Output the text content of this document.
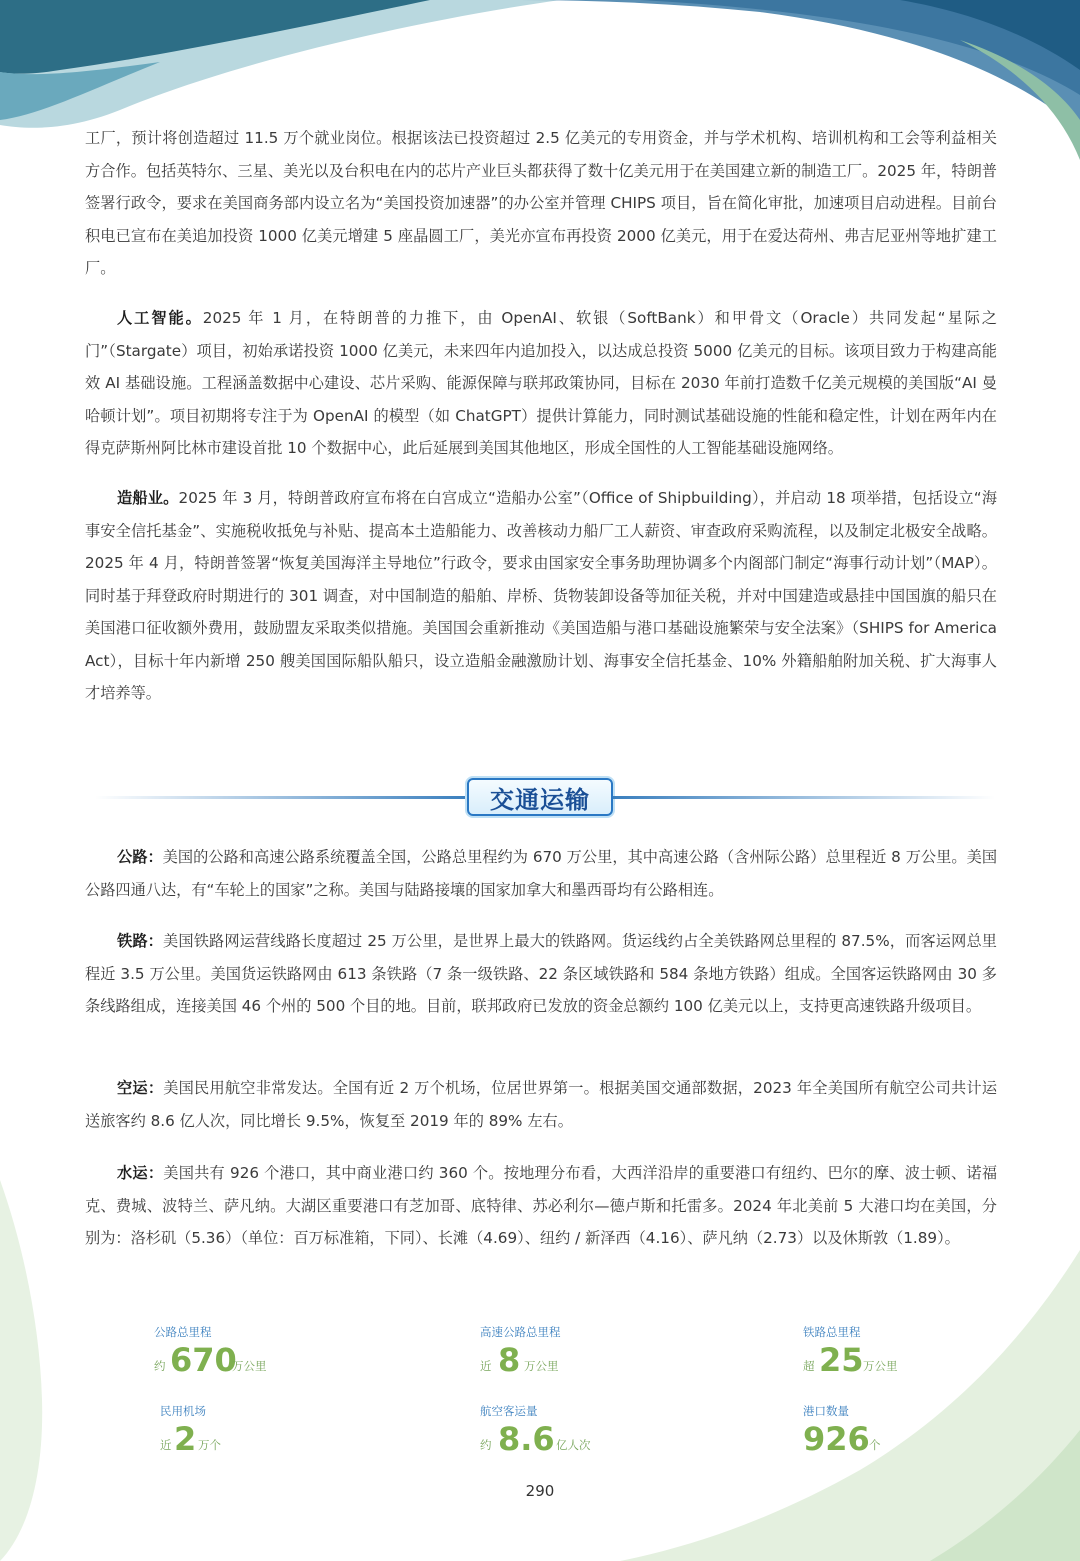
工厂，预计将创造超过 11.5 万个就业岗位。根据该法已投资超过 2.5 亿美元的专用资金，并与学术机构、培训机构和工会等利益相关方合作。包括英特尔、三星、美光以及台积电在内的芯片产业巨头都获得了数十亿美元用于在美国建立新的制造工厂。2025 年，特朗普签署行政令，要求在美国商务部内设立名为“美国投资加速器”的办公室并管理 CHIPS 项目，旨在简化审批，加速项目启动进程。目前台积电已宣布在美追加投资 1000 亿美元增建 5 座晶圆工厂，美光亦宣布再投资 2000 亿美元，用于在爱达荷州、弗吉尼亚州等地扩建工厂。

人工智能。2025 年 1 月，在特朗普的力推下，由 OpenAI、软银（SoftBank）和甲骨文（Oracle）共同发起“星际之门”（Stargate）项目，初始承诺投资 1000 亿美元，未来四年内追加投入，以达成总投资 5000 亿美元的目标。该项目致力于构建高能效 AI 基础设施。工程涵盖数据中心建设、芯片采购、能源保障与联邦政策协同，目标在 2030 年前打造数千亿美元规模的美国版“AI 曼哈顿计划”。项目初期将专注于为 OpenAI 的模型（如 ChatGPT）提供计算能力，同时测试基础设施的性能和稳定性，计划在两年内在得克萨斯州阿比林市建设首批 10 个数据中心，此后延展到美国其他地区，形成全国性的人工智能基础设施网络。

造船业。2025 年 3 月，特朗普政府宣布将在白宫成立“造船办公室”（Office of Shipbuilding），并启动 18 项举措，包括设立“海事安全信托基金”、实施税收抵免与补贴、提高本土造船能力、改善核动力船厂工人薪资、审查政府采购流程，以及制定北极安全战略。2025 年 4 月，特朗普签署“恢复美国海洋主导地位”行政令，要求由国家安全事务助理协调多个内阁部门制定“海事行动计划”（MAP）。同时基于拜登政府时期进行的 301 调查，对中国制造的船舶、岸桥、货物装卸设备等加征关税，并对中国建造或悬挂中国国旗的船只在美国港口征收额外费用，鼓励盟友采取类似措施。美国国会重新推动《美国造船与港口基础设施繁荣与安全法案》（SHIPS for America Act），目标十年内新增 250 艘美国国际船队船只，设立造船金融激励计划、海事安全信托基金、10% 外籍船舶附加关税、扩大海事人才培养等。

交通运输

公路：美国的公路和高速公路系统覆盖全国，公路总里程约为 670 万公里，其中高速公路（含州际公路）总里程近 8 万公里。美国公路四通八达，有“车轮上的国家”之称。美国与陆路接壤的国家加拿大和墨西哥均有公路相连。

铁路：美国铁路网运营线路长度超过 25 万公里，是世界上最大的铁路网。货运线约占全美铁路网总里程的 87.5%，而客运网总里程近 3.5 万公里。美国货运铁路网由 613 条铁路（7 条一级铁路、22 条区域铁路和 584 条地方铁路）组成。全国客运铁路网由 30 多条线路组成，连接美国 46 个州的 500 个目的地。目前，联邦政府已发放的资金总额约 100 亿美元以上，支持更高速铁路升级项目。

空运：美国民用航空非常发达。全国有近 2 万个机场，位居世界第一。根据美国交通部数据，2023 年全美国所有航空公司共计运送旅客约 8.6 亿人次，同比增长 9.5%，恢复至 2019 年的 89% 左右。

水运：美国共有 926 个港口，其中商业港口约 360 个。按地理分布看，大西洋沿岸的重要港口有纽约、巴尔的摩、波士顿、诺福克、费城、波特兰、萨凡纳。大湖区重要港口有芝加哥、底特律、苏必利尔—德卢斯和托雷多。2024 年北美前 5 大港口均在美国，分别为：洛杉矶（5.36）（单位：百万标准箱，下同）、长滩（4.69）、纽约 / 新泽西（4.16）、萨凡纳（2.73）以及休斯敦（1.89）。

公路总里程
约 670
万公里
高速公路总里程
近 8 万公里
铁路总里程
超 25 万公里
民用机场
近 2 万个
航空客运量
约 8.6 亿人次
港口数量
926 个
290
